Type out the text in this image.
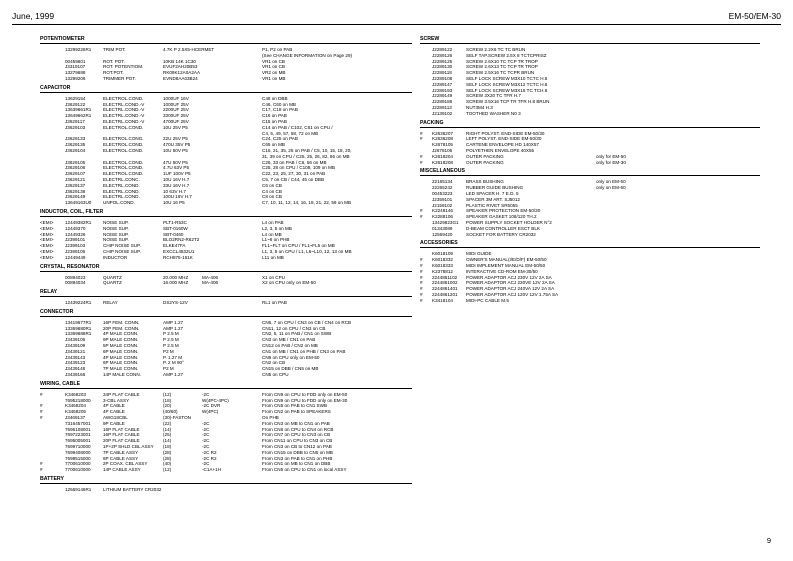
June, 1999	EM-50/EM-30
POTENTIOMETER
13299226R1	TRIM POT.	4.7K P 2.5X5-HCERMET	P1, P2 on PAB
(See CHANGE INFORMATION on Page 29)
00459601	ROT. POT.	10KB 14K 1C30	VR1 on CB
J3319107	ROT. POTENTIOM.	EVUF2AH20B53	VR1 on CB
13279688	ROT.POT.	RK09K12A0A2AA	VR2 on MB
13299206	TRIMMER POT.	EVND8AA03B24	VR1 on MB
CAPACITOR
13629154	ELECTROL.COND.	1000UF 16V	C48 on DBB
J3629122	ELECTRL.COND.-V	1000UF 25V	C46, C60 on MB
13639661R1	ELECTRL.COND.-V	2200UF 25V	C17, C18 on PAB
13649662R1	ELECTRL.COND.-V	3300UF 25V	C16 on PAB
J3629117	ELECTRL.COND.-V	4700UF 25V	C15 on PAB
J3629103	ELECTROL.COND.	10U 25V P5	C14 on PAB / C102, C61 on CPU /
C4, 5, 49, 57, 58, 72 on MB
J3629133	ELECTROL.CONG.	22U 25V P5	C24, C25 on PAB
J3629135	ELECTROL.COND.	470U 35V P5	C65 on MB
J3629104	ELECTROL.COND.	10U 50V P5	C16, 21, 35, 25 on PAB / C5, 10, 15, 18, 20,
31, 39 on CPU / C25, 25, 26, 82, 86 on MB
J3629105	ELECTROL.COND.	47U 50V P5	C26, 33 on PAB / C6, 56 on MB
J3629106	ELECTROL.COND.	4.7U 63V P5	C25, 28 on CPU / C108, 109 on MB
J3629107	ELECTROL.COND.	1UF 100V P5	C22, 23, 25, 27, 30, 31 on PAB
J3629121	ELECTRL.CONC.	10U 16V H.7	C5, 7 on CB / C44, 45 on DBB
J3629137	ELECTRL.COND.	33U 16V H.7	C6 on CB
J3629138	ELECTRL.COND.	10 63V H.7	C4 on CB
J3629149	ELECTRL.COND.	100U 16V H.7	C8 on CB
13649163U0	UNPOL.COND.	10U 16 P5	C7, 10, 11, 12, 14, 16, 18, 21, 22, 59 on MB
INDUCTOR, COIL, FILTER
<EMI>	12449382R1	NOISE SUP.	PLT1-R53C	L4 on PAB
<EMI>	12449370	NOISE SUP.	SBT-0160W	L2, 3, 5 on MB
<EMI>	12449326	NOISE SUP.	SBT-0460	L4 on MB
<EMI>	J2399101	NOISE SUP.	BLO2RN2-R62T2	L1~6 on PHB
<EMI>	J2399103	CHIP NOISE SUP.	ELKE47FA	FL1~FL7 on CPU / FL1~FL5 on MB
<EMI>	J2399106	CHIP NOISE SUP.	EXCCL4532U1	L1, 3, 5 on CPU / L1, L6~L10, 12, 13 on MB
<EMI>	12449449	INDUCTOR	RCH875-151K	L11 on MB
CRYSTAL, RESONATOR
00894023	QUARTZ	20.000 MHZ	MA-406	X1 on CPU
00894034	QUARTZ	16.000 MHZ	MA-406	X2 on CPU only on EM-50
RELAY
12439224R1	RELAY	DS2YS-12V	RL1 on PAB
CONNECTOR
13419677R1	16P FEM. CONN.	AMP 1.27	CN6, 7 on CPU / CN3 on CB / CN4 on RCB
13369680R1	20P FEM. CONN.	AMP 1.27	CN11, 12 on CPU / CN3 on CB
13369688R1	4P MALE CONN.	P 2.5 M	CN2, 5, 11 on PAB / CN1 on SWB
J3439106	9P MALE CONN.	P 2.5 M	CN3 on MB / CN1 on PAB
J3439109	5P MALE CONN.	P 2.5 M	CN12 on PAB / CN2 on MB
J3439121	6P MALE CONN.	P2 M	CN1 on MB / CN1 on PHB / CN3 on PAB
J3439143	4P MALE CONN.	P. 1.27 M	CN9 on CPU only on EM-50
J3439123	6P MALE CONN.	P. 2 M 90°	CN2 on CB
J3439148	7P MALE CONN.	P2 M	CN15 on DBB / CN5 on MB
J3439166	14P MALE CONN.	AMP 1.27	CN5 on CPU
WIRING, CABLE
#	K3468203	34P FLAT CABLE	(12)	-2C	From CN9 on CPU to FDD only on EM-50
7695218000	3-CBL ASSY	(18)	W(4PC-4PC)	From CN9 on CPU to FDD only on EM-30
#	K3468204	4P CABLE	(20)	-2C DVR	From CN5 on PAB to CN1 SWB
#	K3468205	4P CABLE	(40/60)	W(4PC)	From CN2 on PAB to SPEAKERS
#	J3469137	AWG18CBL	(30)-FASTON	On PHB
7316457001	9P CABLE	(22)	-2C	From CN3 on MB to CN1 on PAB
7695108001	16P FLAT CABLE	(14)	-2C	From CN6 on CPU to CN4 on RCB
7697223001	16P FLAT CABLE	(25)	-2C	From CN7 on CPU to CN3 on CB
7695005001	20P FLAT CABLE	(14)	-2C	From CN11 on CPU to CN3 on CB
7699710000	1P+2P SHLD CBL ASSY	(18)	-2C	From CN3 on CB to CN12 on PAB
7699408000	7P CABLE ASSY	(28)	-2C R2	From CN15 on DBB to CN5 on MB
7699515000	6P CABLE ASSY	(28)	-2C R2	From CN3 on PAB to CN1 on PHB
#	7700610000	2P COAX. CBL ASSY	(40)	-2C	From CN1 on MB to CN1 on DBB
#	7700610000	14P CABLE ASSY	(12)	-C1A+1H	From CN5 on CPU to CN1 on local ASSY
BATTERY
12569146R1	LITHIUM BATTERY CR2032
SCREW
J2289122	SCREW 2.2X6 TC TC BRUN
J2289126	SELF TAP.SCREW 2.5X 8 TCTCPRISZ
J2289125	SCREW 2.6X10 TC TCP TR TROP
J2289130	SCREW 2.6X13 TC TCP TR TROP
J2289118	SCREW 2.5X16 TC TCPR BRUN
J2289108	SELF LOCK SCREW M3X10 TCTC H.6
J2289147	SELF LOCK SCREW M3X12 TCTC H.6
J2289193	SELF LOCK SCREW M3X16 TC TCH.6
J2289149	SCREW 3X20 TC TFR H.7
J2289186	SCREW 3.5X16 TCP TR TFR H.8 BRUN
J2289113	NUT3M4 H.3
J2139102	TOOTHED WASHER N0 3
PACKING
#	K2636207	RIGHT POLYST. END-SIDE EM-50/30
#	K2636208	LEFT POLYST. END-SIDE EM-50/30
K2678105	CARTENE ENVELOPE HD 140X57
J2678106	POLYETHEN ENVELOPE 40X55
#	K2618204	OUTER PACKING	only for EM-50
#	K2618208	OUTER PACKING	only for EM-30
MISCELLANEOUS
22165134	BRASS BUSHING	only on EM-50
22265242	RUBBER GUIDE BUSHING	only on EM-50
00453223	LED SPACER H. 7 E.D. 5
J2359101	SPACER 3M ART. SJ5012
J2159102	PLASTIC RIVET SR5055
#	K2248146	SPEAKER PROTECTION EM-50/30
#	K2288106	SPEAKER GASKET 108/120 TH.2
13429823G1	POWER SUPPLY SOCKET HOLDER N°2
01343089	D-BEAM CONTROLLER ESCT BLK
12569420	SOCKET FOR BATTERY CR2032
ACCESSORIES
K6018109	MIDI GUIDE
#	K6018332	OWNER'S MANUAL(I/E/D/F) EM-50/50
#	K6018333	MIDI IMPLEMENT MANUAL EM-50/50
#	K2378812	INTERACTIVE CD-ROM EM-30/50
#	2244861102	POWER ADAPTOR ACJ 230V 12V 2A SA
#	2244861002	POWER ADAPTOR ACJ 230VE 12V 2A SA
#	2244861401	POWER ADAPTOR ACJ 240VA 12V 2A SA
#	2244861201	POWER ADAPTOR ACJ 120V 12V 1.75A SA
#	K3418104	MIDI-PC CABLE M.5
9
